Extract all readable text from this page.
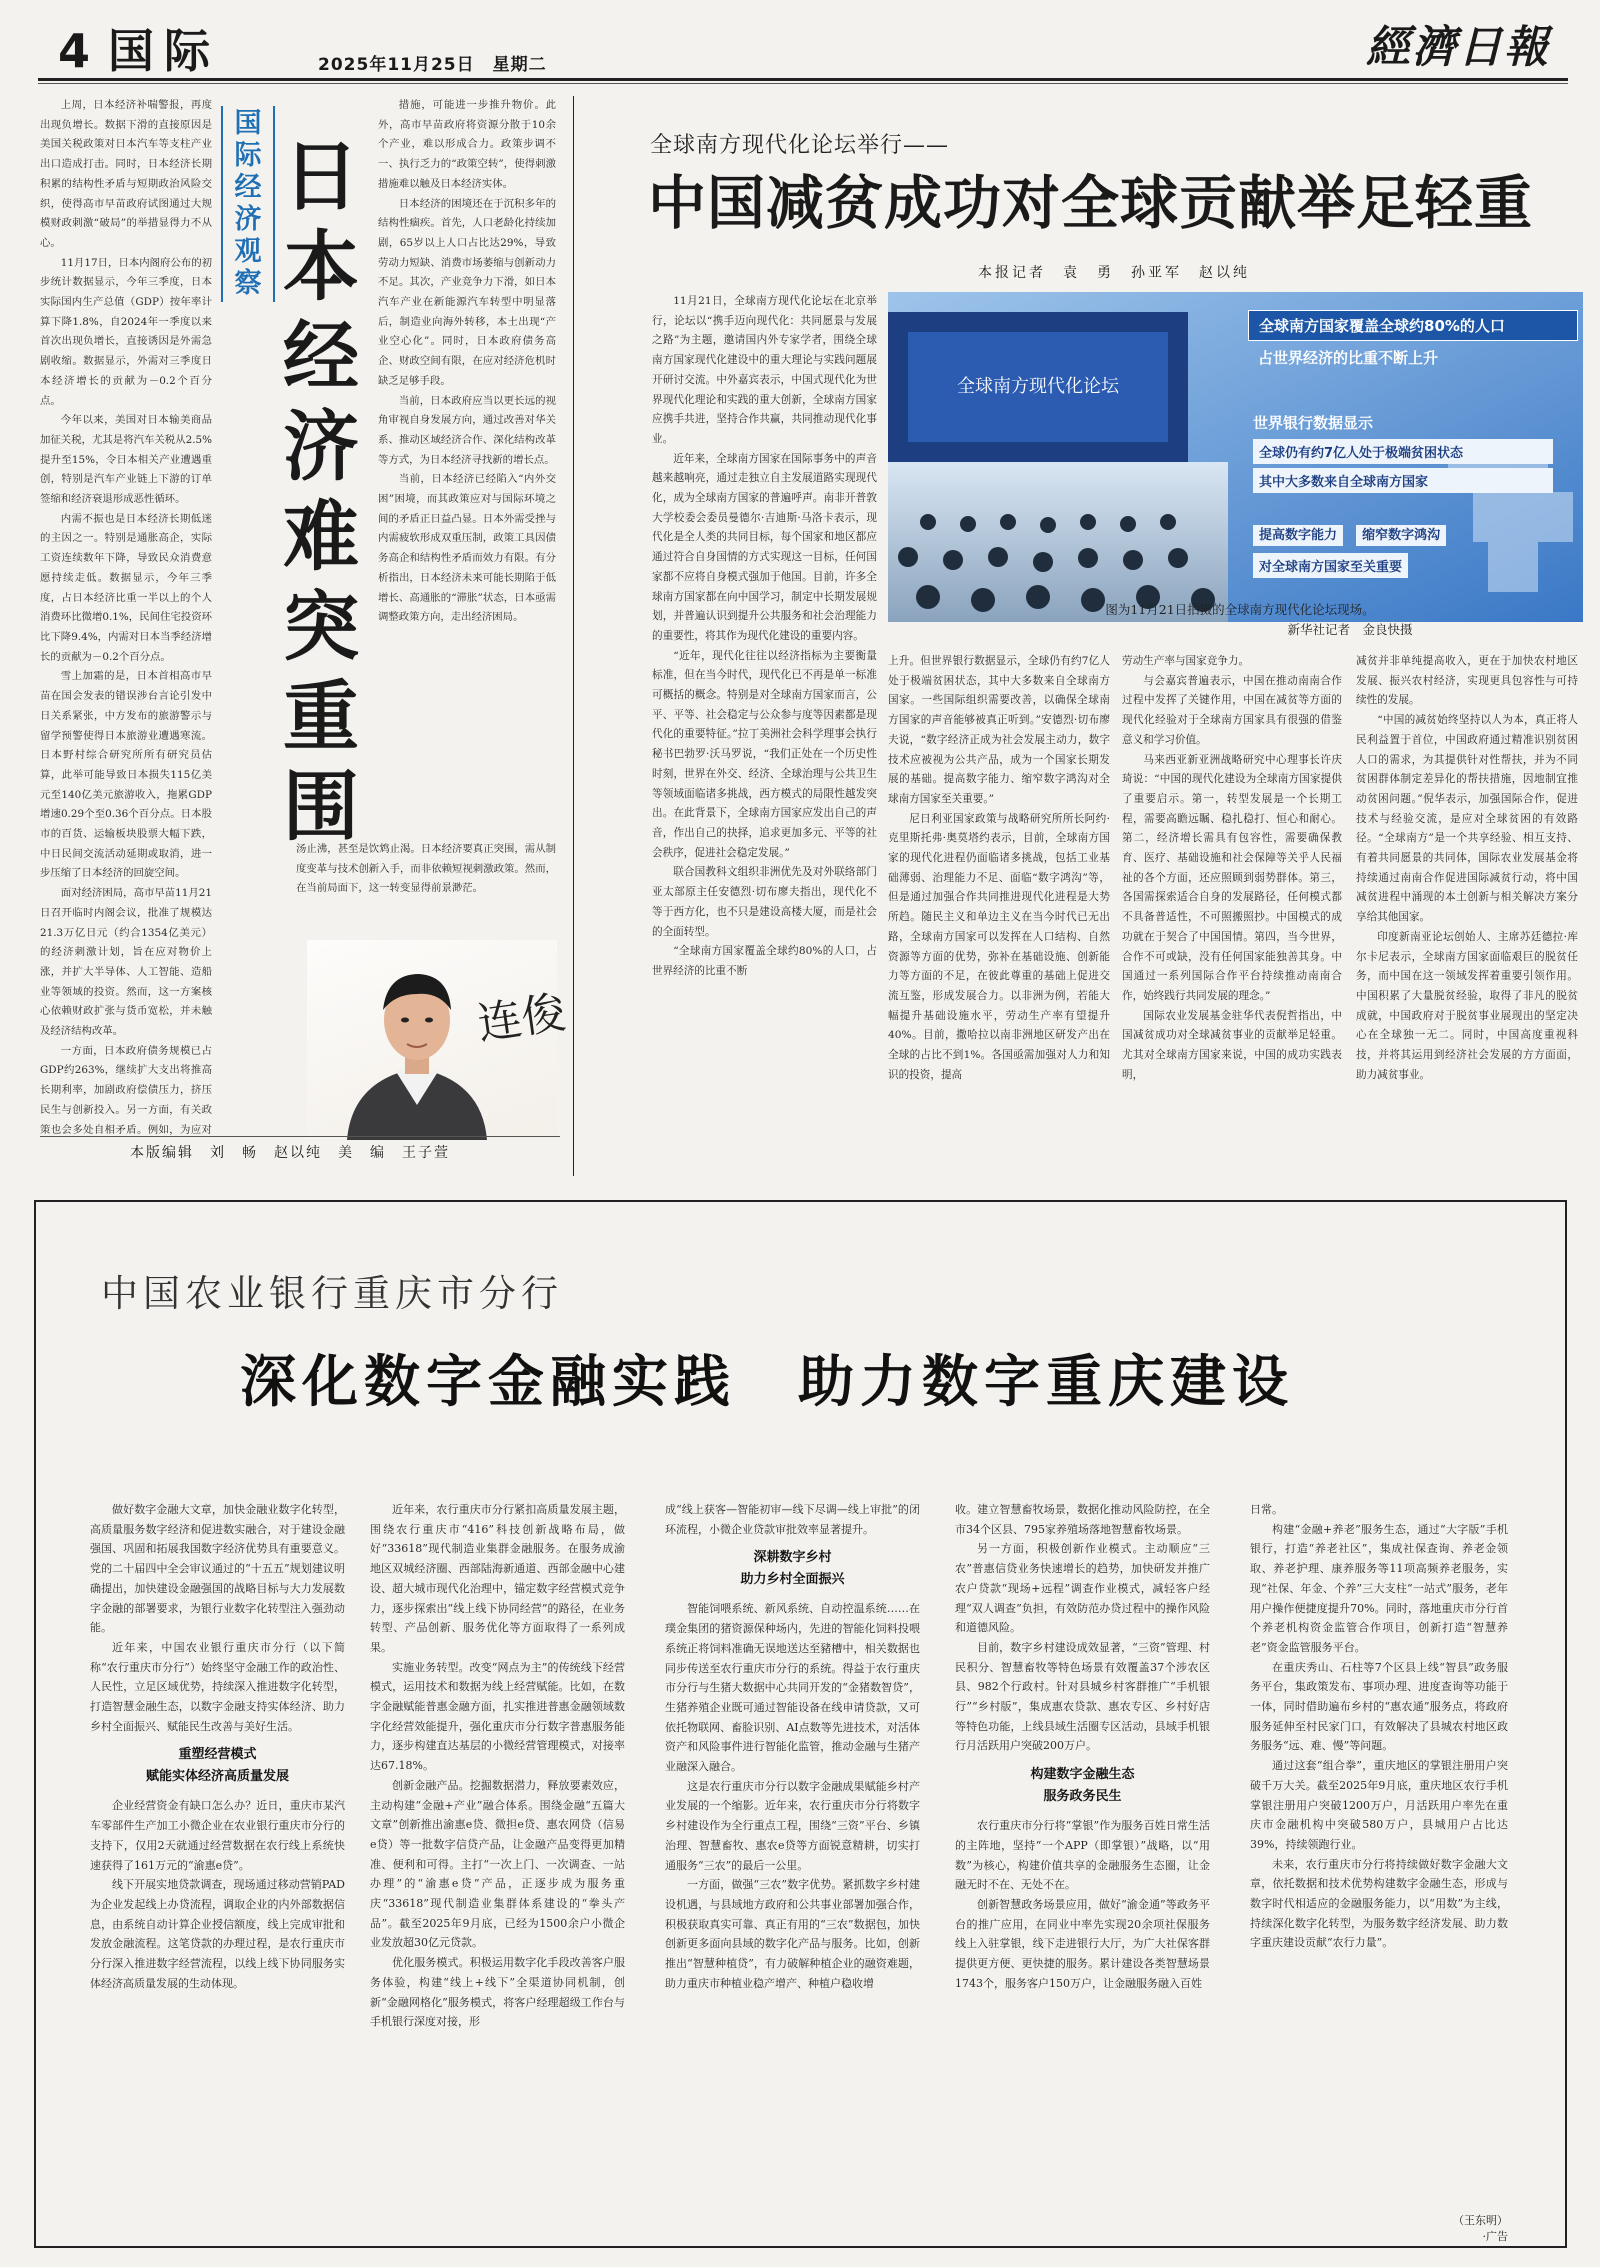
4 国际	2025年11月25日　星期二	經濟日報
国际经济观察
日本经济难突重围

上周，日本经济补喘警报，再度出现负增长。数据下滑的直接原因是美国关税政策对日本汽车等支柱产业出口造成打击。同时，日本经济长期积累的结构性矛盾与短期政治风险交织，使得高市早苗政府试图通过大规模财政刺激“破局”的举措显得力不从心。

11月17日，日本内阁府公布的初步统计数据显示，今年三季度，日本实际国内生产总值（GDP）按年率计算下降1.8%，自2024年一季度以来首次出现负增长，直接诱因是外需急剧收缩。数据显示，外需对三季度日本经济增长的贡献为－0.2个百分点。

今年以来，美国对日本输美商品加征关税，尤其是将汽车关税从2.5%提升至15%，令日本相关产业遭遇重创，特别是汽车产业链上下游的订单签缩和经济衰退形成恶性循环。

内需不振也是日本经济长期低迷的主因之一。特别是通胀高企，实际工资连续数年下降，导致民众消费意愿持续走低。数据显示，今年三季度，占日本经济比重一半以上的个人消费环比微增0.1%，民间住宅投资环比下降9.4%，内需对日本当季经济增长的贡献为－0.2个百分点。

雪上加霜的是，日本首相高市早苗在国会发表的错误涉台言论引发中日关系紧张，中方发布的旅游警示与留学预警使得日本旅游业遭遇寒流。日本野村综合研究所所有研究员估算，此举可能导致日本损失115亿美元至140亿美元旅游收入，拖累GDP增速0.29个至0.36个百分点。日本股市的百货、运输板块股票大幅下跌，中日民间交流活动延期或取消，进一步压缩了日本经济的回旋空间。

面对经济困局，高市早苗11月21日召开临时内阁会议，批准了规模达21.3万亿日元（约合1354亿美元）的经济刺激计划，旨在应对物价上涨，并扩大半导体、人工智能、造船业等领域的投资。然而，这一方案核心依赖财政扩张与货币宽松，并未触及经济结构改革。

一方面，日本政府债务规模已占GDP约263%，继续扩大支出将推高长期利率，加剧政府偿债压力，挤压民生与创新投入。另一方面，有关政策也会多处自相矛盾。例如，为应对

措施，可能进一步推升物价。此外，高市早苗政府将资源分散于10余个产业，难以形成合力。政策步调不一、执行乏力的“政策空转”，使得刺激措施难以触及日本经济实体。

日本经济的困境还在于沉积多年的结构性痼疾。首先，人口老龄化持续加剧，65岁以上人口占比达29%，导致劳动力短缺、消费市场萎缩与创新动力不足。其次，产业竞争力下滑，如日本汽车产业在新能源汽车转型中明显落后，制造业向海外转移，本土出现“产业空心化”。同时，日本政府债务高企、财政空间有限，在应对经济危机时缺乏足够手段。

当前，日本政府应当以更长远的视角审视自身发展方向，通过改善对华关系、推动区域经济合作、深化结构改革等方式，为日本经济寻找新的增长点。

当前，日本经济已经陷入“内外交困”困境，而其政策应对与国际环境之间的矛盾正日益凸显。日本外需受挫与内需疲软形成双重压制，政策工具因债务高企和结构性矛盾而效力有限。有分析指出，日本经济未来可能长期陷于低增长、高通胀的“滞胀”状态，日本亟需调整政策方向，走出经济困局。

汤止沸，甚至是饮鸩止渴。日本经济要真正突围，需从制度变革与技术创新入手，而非依赖短视刺激政策。然而，在当前局面下，这一转变显得前景渺茫。

连俊
本版编辑　刘　畅　赵以纯　美　编　王子萱
全球南方现代化论坛举行——
中国减贫成功对全球贡献举足轻重
本报记者　袁　勇　孙亚军　赵以纯
全球南方现代化论坛
全球南方国家覆盖全球约80%的人口
占世界经济的比重不断上升
世界银行数据显示
全球仍有约7亿人处于极端贫困状态
其中大多数来自全球南方国家
提高数字能力 缩窄数字鸿沟 对全球南方国家至关重要
图为11月21日拍摄的全球南方现代化论坛现场。
新华社记者　金良快摄

11月21日，全球南方现代化论坛在北京举行，论坛以“携手迈向现代化：共同愿景与发展之路”为主题，邀请国内外专家学者，围绕全球南方国家现代化建设中的重大理论与实践问题展开研讨交流。中外嘉宾表示，中国式现代化为世界现代化理论和实践的重大创新，全球南方国家应携手共进，坚持合作共赢，共同推动现代化事业。

近年来，全球南方国家在国际事务中的声音越来越响亮，通过走独立自主发展道路实现现代化，成为全球南方国家的普遍呼声。南非开普敦大学校委会委员曼德尔·吉迪斯·马洛卡表示，现代化是全人类的共同目标，每个国家和地区都应通过符合自身国情的方式实现这一目标，任何国家都不应将自身模式强加于他国。目前，许多全球南方国家都在向中国学习，制定中长期发展规划，并普遍认识到提升公共服务和社会治理能力的重要性，将其作为现代化建设的重要内容。

“近年，现代化往往以经济指标为主要衡量标准，但在当今时代，现代化已不再是单一标准可概括的概念。特别是对全球南方国家而言，公平、平等、社会稳定与公众参与度等因素都是现代化的重要特征。”拉丁美洲社会科学理事会执行秘书巴勃罗·沃马罗说，“我们正处在一个历史性时刻，世界在外交、经济、全球治理与公共卫生等领域面临诸多挑战，西方模式的局限性越发突出。在此背景下，全球南方国家应发出自己的声音，作出自己的抉择，追求更加多元、平等的社会秩序，促进社会稳定发展。”

联合国教科文组织非洲优先及对外联络部门亚太部原主任安德烈·切布廖夫指出，现代化不等于西方化，也不只是建设高楼大厦，而是社会的全面转型。

“全球南方国家覆盖全球约80%的人口，占世界经济的比重不断

上升。但世界银行数据显示，全球仍有约7亿人处于极端贫困状态，其中大多数来自全球南方国家。一些国际组织需要改善，以确保全球南方国家的声音能够被真正听到。”安德烈·切布廖夫说，“数字经济正成为社会发展主动力，数字技术应被视为公共产品，成为一个国家长期发展的基础。提高数字能力、缩窄数字鸿沟对全球南方国家至关重要。”

尼日利亚国家政策与战略研究所所长阿约·克里斯托弗·奥莫塔约表示，目前，全球南方国家的现代化进程仍面临诸多挑战，包括工业基础薄弱、治理能力不足、面临“数字鸿沟”等，但是通过加强合作共同推进现代化进程是大势所趋。随民主义和单边主义在当今时代已无出路，全球南方国家可以发挥在人口结构、自然资源等方面的优势，弥补在基础设施、创新能力等方面的不足，在彼此尊重的基础上促进交流互鉴，形成发展合力。以非洲为例，若能大幅提升基础设施水平，劳动生产率有望提升40%。目前，撒哈拉以南非洲地区研发产出在全球的占比不到1%。各国亟需加强对人力和知识的投资，提高

劳动生产率与国家竞争力。

与会嘉宾普遍表示，中国在推动南南合作过程中发挥了关键作用，中国在减贫等方面的现代化经验对于全球南方国家具有很强的借鉴意义和学习价值。

马来西亚新亚洲战略研究中心理事长许庆琦说：“中国的现代化建设为全球南方国家提供了重要启示。第一，转型发展是一个长期工程，需要高瞻远瞩、稳扎稳打、恒心和耐心。第二，经济增长需具有包容性，需要确保教育、医疗、基础设施和社会保障等关乎人民福祉的各个方面，还应照顾到弱势群体。第三，各国需探索适合自身的发展路径，任何模式都不具备普适性，不可照搬照抄。中国模式的成功就在于契合了中国国情。第四，当今世界，合作不可或缺，没有任何国家能独善其身。中国通过一系列国际合作平台持续推动南南合作，始终践行共同发展的理念。”

国际农业发展基金驻华代表倪哲指出，中国减贫成功对全球减贫事业的贡献举足轻重。尤其对全球南方国家来说，中国的成功实践表明，

减贫并非单纯提高收入，更在于加快农村地区发展、振兴农村经济，实现更具包容性与可持续性的发展。

“中国的减贫始终坚持以人为本，真正将人民利益置于首位，中国政府通过精准识别贫困人口的需求，为其提供针对性帮扶，并为不同贫困群体制定差异化的帮扶措施，因地制宜推动贫困问题。”倪华表示，加强国际合作，促进技术与经验交流，是应对全球贫困的有效路径。“全球南方”是一个共享经验、相互支持、有着共同愿景的共同体，国际农业发展基金将持续通过南南合作促进国际减贫行动，将中国减贫进程中涌现的本土创新与相关解决方案分享给其他国家。

印度新南亚论坛创始人、主席苏廷德拉·库尔卡尼表示，全球南方国家面临艰巨的脱贫任务，而中国在这一领域发挥着重要引领作用。中国积累了大量脱贫经验，取得了非凡的脱贫成就，中国政府对于脱贫事业展现出的坚定决心在全球独一无二。同时，中国高度重视科技，并将其运用到经济社会发展的方方面面，助力减贫事业。

中国农业银行重庆市分行
深化数字金融实践　助力数字重庆建设

做好数字金融大文章，加快金融业数字化转型，高质量服务数字经济和促进数实融合，对于建设金融强国、巩固和拓展我国数字经济优势具有重要意义。党的二十届四中全会审议通过的“十五五”规划建议明确提出，加快建设金融强国的战略目标与大力发展数字金融的部署要求，为银行业数字化转型注入强劲动能。

近年来，中国农业银行重庆市分行（以下简称“农行重庆市分行”）始终坚守金融工作的政治性、人民性，立足区域优势，持续深入推进数字化转型，打造智慧金融生态，以数字金融支持实体经济、助力乡村全面振兴、赋能民生改善与美好生活。

重塑经营模式
赋能实体经济高质量发展

企业经营资金有缺口怎么办？近日，重庆市某汽车零部件生产加工小微企业在农业银行重庆市分行的支持下，仅用2天就通过经营数据在农行线上系统快速获得了161万元的“渝惠e贷”。

线下开展实地贷款调查，现场通过移动营销PAD为企业发起线上办贷流程，调取企业的内外部数据信息，由系统自动计算企业授信额度，线上完成审批和发放金融流程。这笔贷款的办理过程，是农行重庆市分行深入推进数字经营流程，以线上线下协同服务实体经济高质量发展的生动体现。

近年来，农行重庆市分行紧扣高质量发展主题，围绕农行重庆市“416”科技创新战略布局，做好“33618”现代制造业集群金融服务。在服务成渝地区双城经济圈、西部陆海新通道、西部金融中心建设、超大城市现代化治理中，锚定数字经营模式竞争力，逐步探索出“线上线下协同经营”的路径，在业务转型、产品创新、服务优化等方面取得了一系列成果。

实施业务转型。改变“网点为主”的传统线下经营模式，运用技术和数据为线上经营赋能。比如，在数字金融赋能普惠金融方面，扎实推进普惠金融领域数字化经营效能提升，强化重庆市分行数字普惠服务能力，逐步构建直达基层的小微经营管理模式，对接率达67.18%。

创新金融产品。挖掘数据潜力，释放要素效应，主动构建“金融+产业”融合体系。围绕金融“五篇大文章”创新推出渝惠e贷、微担e贷、惠农网贷（信易e贷）等一批数字信贷产品，让金融产品变得更加精准、便利和可得。主打“一次上门、一次调查、一站办理”的“渝惠e贷”产品，正逐步成为服务重庆“33618”现代制造业集群体系建设的“拳头产品”。截至2025年9月底，已经为1500余户小微企业发放超30亿元贷款。

优化服务模式。积极运用数字化手段改善客户服务体验，构建“线上+线下”全渠道协同机制，创新“金融网格化”服务模式，将客户经理超级工作台与手机银行深度对接，形

成“线上获客—智能初审—线下尽调—线上审批”的闭环流程，小微企业贷款审批效率显著提升。

深耕数字乡村
助力乡村全面振兴

智能饲喂系统、新风系统、自动控温系统……在璞金集团的猪资源保种场内，先进的智能化饲料投喂系统正将饲料准确无误地送达至豬槽中，相关数据也同步传送至农行重庆市分行的系统。得益于农行重庆市分行与生猪大数据中心共同开发的“金猪数智贷”，生猪养殖企业既可通过智能设备在线申请贷款，又可依托物联网、畜脸识别、AI点数等先进技术，对活体资产和风险事件进行智能化监管，推动金融与生猪产业融深入融合。

这是农行重庆市分行以数字金融成果赋能乡村产业发展的一个缩影。近年来，农行重庆市分行将数字乡村建设作为全行重点工程，围绕“三资”平台、乡镇治理、智慧畜牧、惠农e贷等方面锐意精耕，切实打通服务“三农”的最后一公里。

一方面，做强“三农”数字优势。紧抓数字乡村建设机遇，与县域地方政府和公共事业部署加强合作，积极获取真实可靠、真正有用的“三农”数据包，加快创新更多面向县域的数字化产品与服务。比如，创新推出“智慧种植贷”，有力破解种植企业的融资难题，助力重庆市种植业稳产增产、种植户稳收增

收。建立智慧畜牧场景，数据化推动风险防控，在全市34个区县、795家养殖场落地智慧畜牧场景。

另一方面，积极创新作业模式。主动顺应“三农”普惠信贷业务快速增长的趋势，加快研发并推广农户贷款“现场+远程”调查作业模式，减轻客户经理“双人调查”负担，有效防范办贷过程中的操作风险和道德风险。

目前，数字乡村建设成效显著，“三资”管理、村民积分、智慧畜牧等特色场景有效覆盖37个涉农区县、982个行政村。针对县城乡村客群推广“手机银行”“乡村版”，集成惠农贷款、惠农专区、乡村好店等特色功能，上线县域生活圈专区活动，县域手机银行月活跃用户突破200万户。

构建数字金融生态
服务政务民生

农行重庆市分行将“掌银”作为服务百姓日常生活的主阵地，坚持“一个APP（即掌银）”战略，以“用数”为核心，构建价值共享的金融服务生态圈，让金融无时不在、无处不在。

创新智慧政务场景应用，做好“渝金通”等政务平台的推广应用，在同业中率先实现20余项社保服务线上入驻掌银，线下走进银行大厅，为广大社保客群提供更方便、更快捷的服务。累计建设各类智慧场景1743个，服务客户150万户，让金融服务融入百姓

日常。

构建“金融+养老”服务生态，通过“大字版”手机银行，打造“养老社区”，集成社保查询、养老金领取、养老护理、康养服务等11项高频养老服务，实现“社保、年金、个养”三大支柱“一站式”服务，老年用户操作便捷度提升70%。同时，落地重庆市分行首个养老机构资金监管合作项目，创新打造“智慧养老”资金监管服务平台。

在重庆秀山、石柱等7个区县上线“智县”政务服务平台，集政策发布、事项办理、进度查询等功能于一体，同时借助遍布乡村的“惠农通”服务点，将政府服务延伸至村民家门口，有效解决了县城农村地区政务服务“远、难、慢”等问题。

通过这套“组合拳”，重庆地区的掌银注册用户突破千万大关。截至2025年9月底，重庆地区农行手机掌银注册用户突破1200万户，月活跃用户率先在重庆市金融机构中突破580万户，县城用户占比达39%，持续领跑行业。

未来，农行重庆市分行将持续做好数字金融大文章，依托数据和技术优势构建数字金融生态，形成与数字时代相适应的金融服务能力，以“用数”为主线，持续深化数字化转型，为服务数字经济发展、助力数字重庆建设贡献“农行力量”。

（王东明）
·广告
